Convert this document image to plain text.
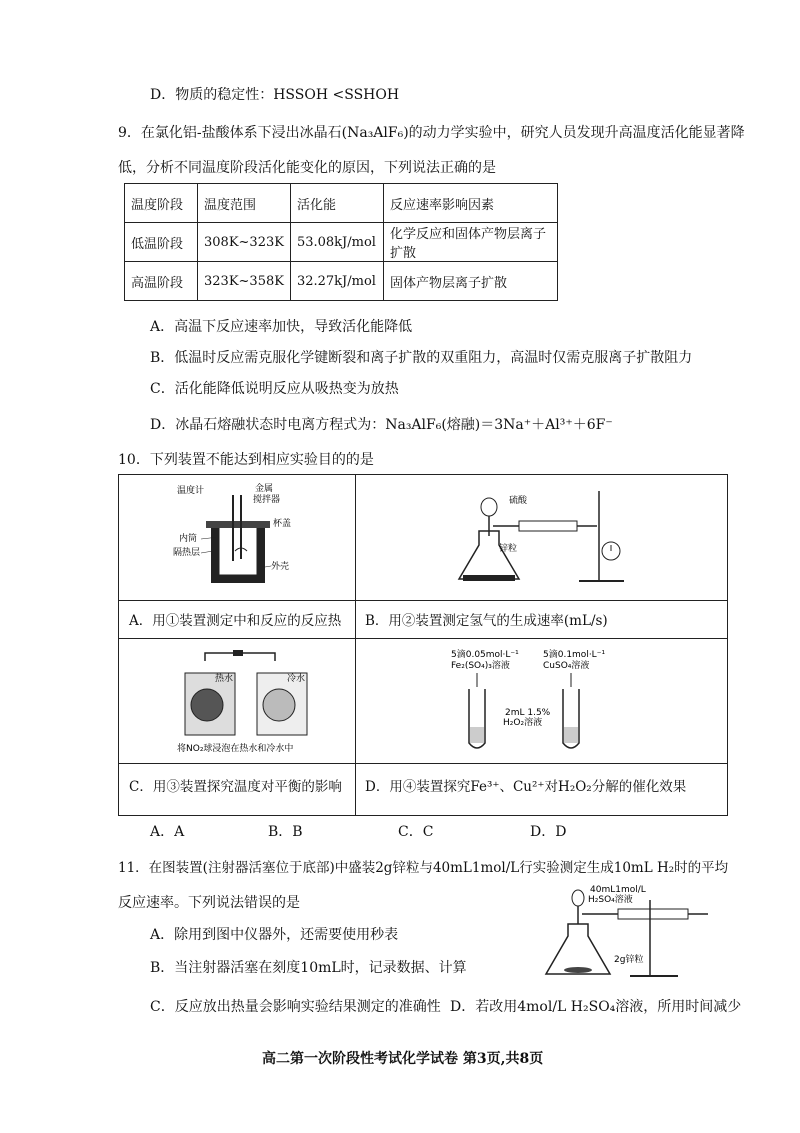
D．物质的稳定性：HSSOH <SSHOH
9．在氯化铝-盐酸体系下浸出冰晶石(Na₃AlF₆)的动力学实验中，研究人员发现升高温度活化能显著降
低，分析不同温度阶段活化能变化的原因，下列说法正确的是
温度阶段	温度范围	活化能	反应速率影响因素
低温阶段	308K~323K	53.08kJ/mol	化学反应和固体产物层离子扩散
高温阶段	323K~358K	32.27kJ/mol	固体产物层离子扩散
A．高温下反应速率加快，导致活化能降低
B．低温时反应需克服化学键断裂和离子扩散的双重阻力，高温时仅需克服离子扩散阻力
C．活化能降低说明反应从吸热变为放热
D．冰晶石熔融状态时电离方程式为：Na₃AlF₆(熔融)＝3Na⁺＋Al³⁺＋6F⁻
10．下列装置不能达到相应实验目的的是
温度计	金属
搅拌器
杯盖
内筒
隔热层
外壳
硫酸
锌粒
A．用①装置测定中和反应的反应热 B．用②装置测定氢气的生成速率(mL/s)
热水	冷水
将NO₂球浸泡在热水和冷水中
5滴0.05mol·L⁻¹
Fe₂(SO₄)₃溶液
5滴0.1mol·L⁻¹
CuSO₄溶液
2mL 1.5%
H₂O₂溶液
C．用③装置探究温度对平衡的影响 D．用④装置探究Fe³⁺、Cu²⁺对H₂O₂分解的催化效果
A．A	B．B	C．C	D．D
11．在图装置(注射器活塞位于底部)中盛装2g锌粒与40mL1mol/L行实验测定生成10mL H₂时的平均
反应速率。下列说法错误的是
40mL1mol/L
H₂SO₄溶液
2g锌粒
A．除用到图中仪器外，还需要使用秒表
B．当注射器活塞在刻度10mL时，记录数据、计算
C．反应放出热量会影响实验结果测定的准确性 D．若改用4mol/L H₂SO₄溶液，所用时间减少
高二第一次阶段性考试化学试卷 第3页,共8页
